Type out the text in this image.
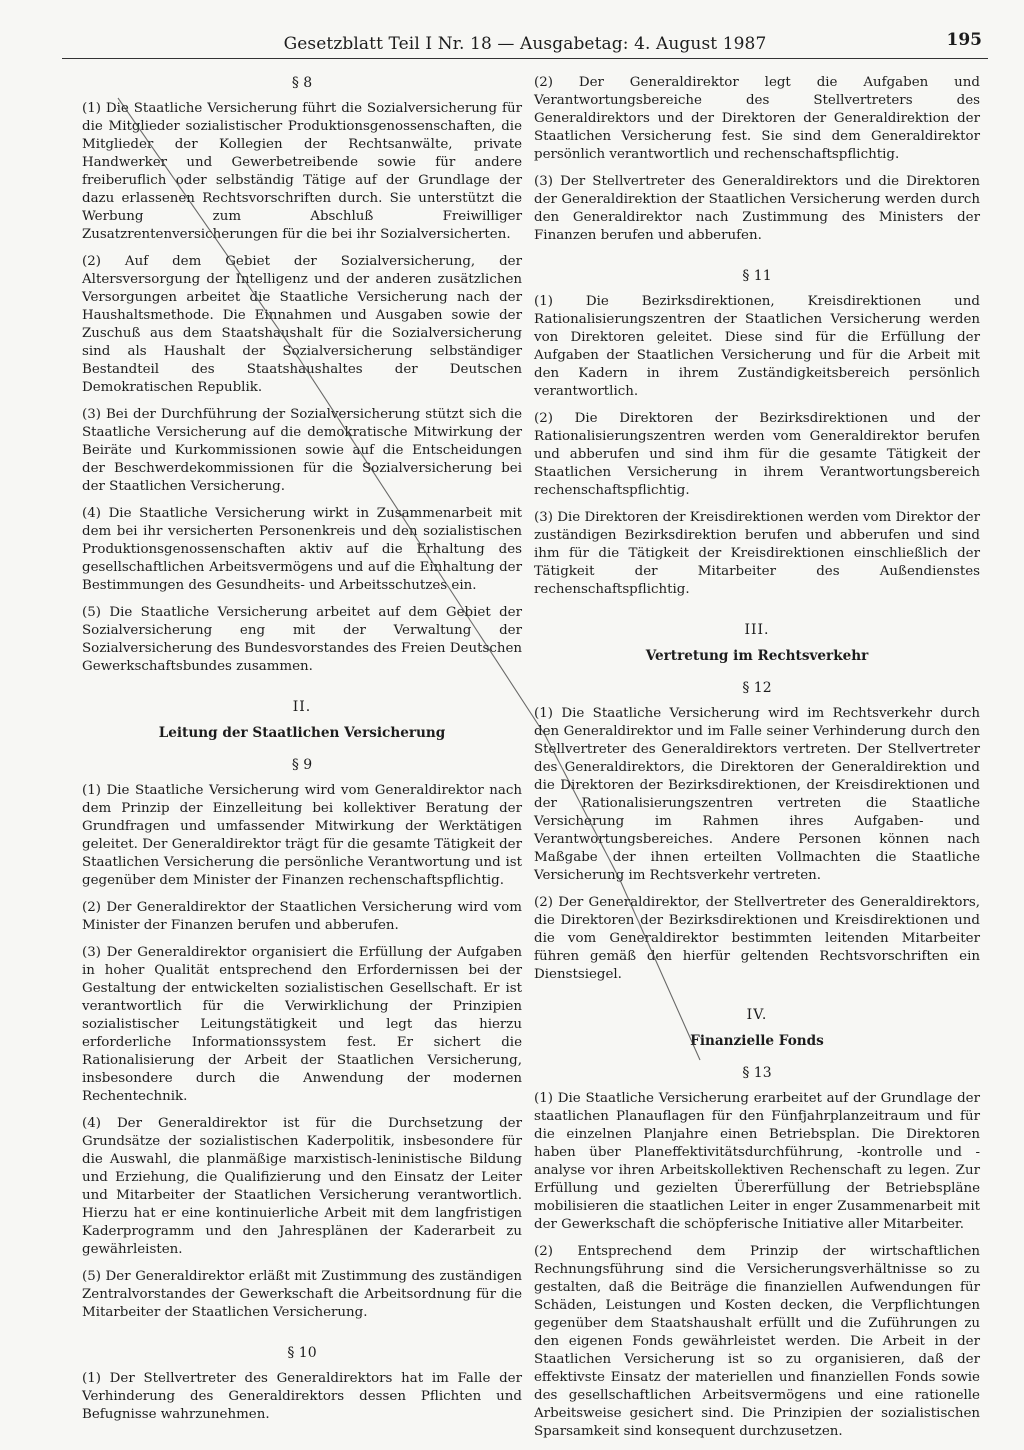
Gesetzblatt Teil I Nr. 18 — Ausgabetag: 4. August 1987	195
§ 8

(1) Die Staatliche Versicherung führt die Sozialversicherung für die Mitglieder sozialistischer Produktionsgenossenschaften, die Mitglieder der Kollegien der Rechtsanwälte, private Handwerker und Gewerbetreibende sowie für andere freiberuflich oder selbständig Tätige auf der Grundlage der dazu erlassenen Rechtsvorschriften durch. Sie unterstützt die Werbung zum Abschluß Freiwilliger Zusatzrentenversicherungen für die bei ihr Sozialversicherten.

(2) Auf dem Gebiet der Sozialversicherung, der Altersversorgung der Intelligenz und der anderen zusätzlichen Versorgungen arbeitet die Staatliche Versicherung nach der Haushaltsmethode. Die Einnahmen und Ausgaben sowie der Zuschuß aus dem Staatshaushalt für die Sozialversicherung sind als Haushalt der Sozialversicherung selbständiger Bestandteil des Staatshaushaltes der Deutschen Demokratischen Republik.

(3) Bei der Durchführung der Sozialversicherung stützt sich die Staatliche Versicherung auf die demokratische Mitwirkung der Beiräte und Kurkommissionen sowie auf die Entscheidungen der Beschwerdekommissionen für die Sozialversicherung bei der Staatlichen Versicherung.

(4) Die Staatliche Versicherung wirkt in Zusammenarbeit mit dem bei ihr versicherten Personenkreis und den sozialistischen Produktionsgenossenschaften aktiv auf die Erhaltung des gesellschaftlichen Arbeitsvermögens und auf die Einhaltung der Bestimmungen des Gesundheits- und Arbeitsschutzes ein.

(5) Die Staatliche Versicherung arbeitet auf dem Gebiet der Sozialversicherung eng mit der Verwaltung der Sozialversicherung des Bundesvorstandes des Freien Deutschen Gewerkschaftsbundes zusammen.

II.
Leitung der Staatlichen Versicherung
§ 9

(1) Die Staatliche Versicherung wird vom Generaldirektor nach dem Prinzip der Einzelleitung bei kollektiver Beratung der Grundfragen und umfassender Mitwirkung der Werktätigen geleitet. Der Generaldirektor trägt für die gesamte Tätigkeit der Staatlichen Versicherung die persönliche Verantwortung und ist gegenüber dem Minister der Finanzen rechenschaftspflichtig.

(2) Der Generaldirektor der Staatlichen Versicherung wird vom Minister der Finanzen berufen und abberufen.

(3) Der Generaldirektor organisiert die Erfüllung der Aufgaben in hoher Qualität entsprechend den Erfordernissen bei der Gestaltung der entwickelten sozialistischen Gesellschaft. Er ist verantwortlich für die Verwirklichung der Prinzipien sozialistischer Leitungstätigkeit und legt das hierzu erforderliche Informationssystem fest. Er sichert die Rationalisierung der Arbeit der Staatlichen Versicherung, insbesondere durch die Anwendung der modernen Rechentechnik.

(4) Der Generaldirektor ist für die Durchsetzung der Grundsätze der sozialistischen Kaderpolitik, insbesondere für die Auswahl, die planmäßige marxistisch-leninistische Bildung und Erziehung, die Qualifizierung und den Einsatz der Leiter und Mitarbeiter der Staatlichen Versicherung verantwortlich. Hierzu hat er eine kontinuierliche Arbeit mit dem langfristigen Kaderprogramm und den Jahresplänen der Kaderarbeit zu gewährleisten.

(5) Der Generaldirektor erläßt mit Zustimmung des zuständigen Zentralvorstandes der Gewerkschaft die Arbeitsordnung für die Mitarbeiter der Staatlichen Versicherung.

§ 10

(1) Der Stellvertreter des Generaldirektors hat im Falle der Verhinderung des Generaldirektors dessen Pflichten und Befugnisse wahrzunehmen.

(2) Der Generaldirektor legt die Aufgaben und Verantwortungsbereiche des Stellvertreters des Generaldirektors und der Direktoren der Generaldirektion der Staatlichen Versicherung fest. Sie sind dem Generaldirektor persönlich verantwortlich und rechenschaftspflichtig.

(3) Der Stellvertreter des Generaldirektors und die Direktoren der Generaldirektion der Staatlichen Versicherung werden durch den Generaldirektor nach Zustimmung des Ministers der Finanzen berufen und abberufen.

§ 11

(1) Die Bezirksdirektionen, Kreisdirektionen und Rationalisierungszentren der Staatlichen Versicherung werden von Direktoren geleitet. Diese sind für die Erfüllung der Aufgaben der Staatlichen Versicherung und für die Arbeit mit den Kadern in ihrem Zuständigkeitsbereich persönlich verantwortlich.

(2) Die Direktoren der Bezirksdirektionen und der Rationalisierungszentren werden vom Generaldirektor berufen und abberufen und sind ihm für die gesamte Tätigkeit der Staatlichen Versicherung in ihrem Verantwortungsbereich rechenschaftspflichtig.

(3) Die Direktoren der Kreisdirektionen werden vom Direktor der zuständigen Bezirksdirektion berufen und abberufen und sind ihm für die Tätigkeit der Kreisdirektionen einschließlich der Tätigkeit der Mitarbeiter des Außendienstes rechenschaftspflichtig.

III.
Vertretung im Rechtsverkehr
§ 12

(1) Die Staatliche Versicherung wird im Rechtsverkehr durch den Generaldirektor und im Falle seiner Verhinderung durch den Stellvertreter des Generaldirektors vertreten. Der Stellvertreter des Generaldirektors, die Direktoren der Generaldirektion und die Direktoren der Bezirksdirektionen, der Kreisdirektionen und der Rationalisierungszentren vertreten die Staatliche Versicherung im Rahmen ihres Aufgaben- und Verantwortungsbereiches. Andere Personen können nach Maßgabe der ihnen erteilten Vollmachten die Staatliche Versicherung im Rechtsverkehr vertreten.

(2) Der Generaldirektor, der Stellvertreter des Generaldirektors, die Direktoren der Bezirksdirektionen und Kreisdirektionen und die vom Generaldirektor bestimmten leitenden Mitarbeiter führen gemäß den hierfür geltenden Rechtsvorschriften ein Dienstsiegel.

IV.
Finanzielle Fonds
§ 13

(1) Die Staatliche Versicherung erarbeitet auf der Grundlage der staatlichen Planauflagen für den Fünfjahrplanzeitraum und für die einzelnen Planjahre einen Betriebsplan. Die Direktoren haben über Planeffektivitätsdurchführung, -kontrolle und -analyse vor ihren Arbeitskollektiven Rechenschaft zu legen. Zur Erfüllung und gezielten Übererfüllung der Betriebspläne mobilisieren die staatlichen Leiter in enger Zusammenarbeit mit der Gewerkschaft die schöpferische Initiative aller Mitarbeiter.

(2) Entsprechend dem Prinzip der wirtschaftlichen Rechnungsführung sind die Versicherungsverhältnisse so zu gestalten, daß die Beiträge die finanziellen Aufwendungen für Schäden, Leistungen und Kosten decken, die Verpflichtungen gegenüber dem Staatshaushalt erfüllt und die Zuführungen zu den eigenen Fonds gewährleistet werden. Die Arbeit in der Staatlichen Versicherung ist so zu organisieren, daß der effektivste Einsatz der materiellen und finanziellen Fonds sowie des gesellschaftlichen Arbeitsvermögens und eine rationelle Arbeitsweise gesichert sind. Die Prinzipien der sozialistischen Sparsamkeit sind konsequent durchzusetzen.
